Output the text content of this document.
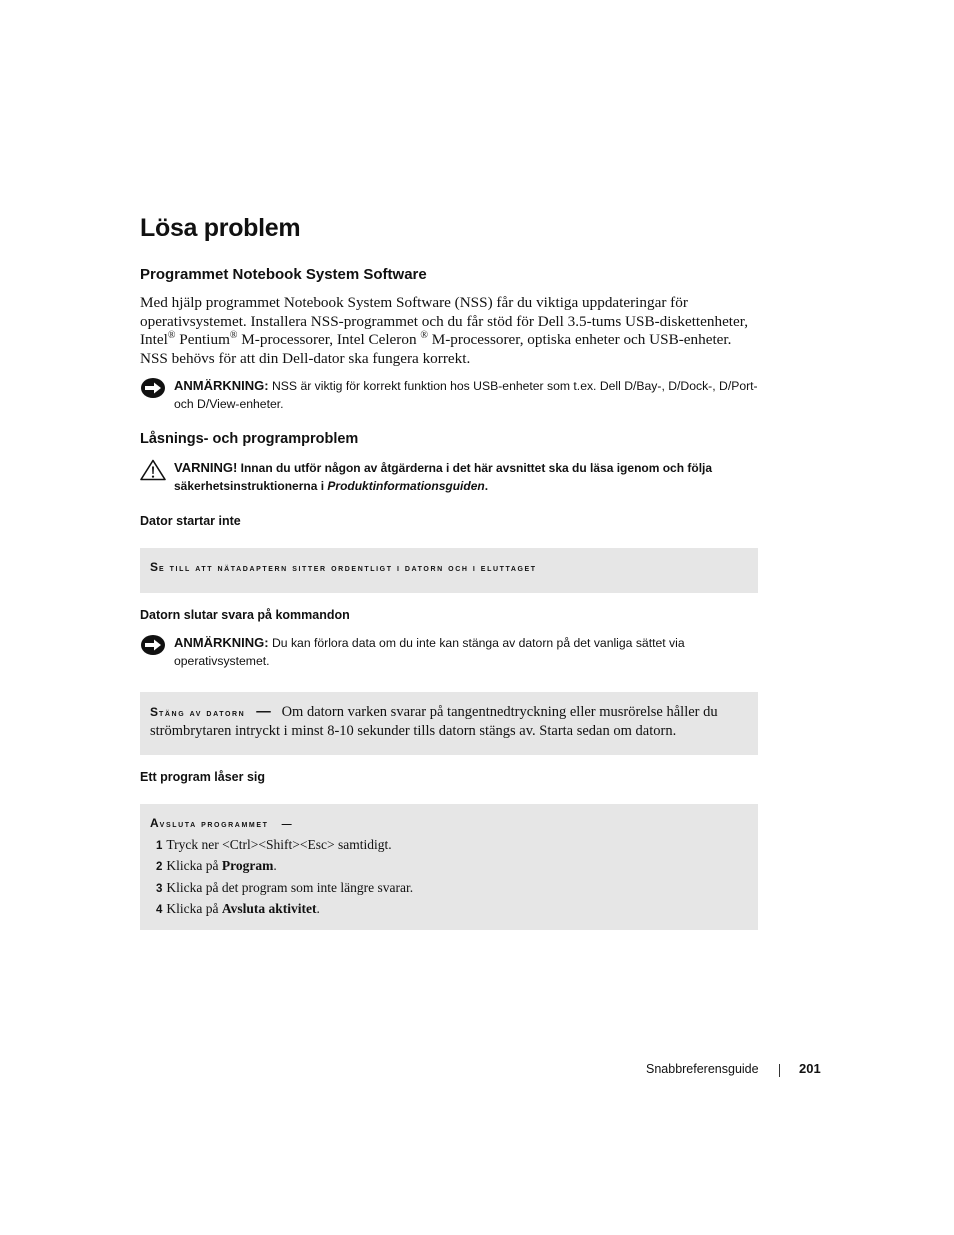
Lösa problem
Programmet Notebook System Software

Med hjälp programmet Notebook System Software (NSS) får du viktiga uppdateringar för operativsystemet. Installera NSS-programmet och du får stöd för Dell 3.5-tums USB-diskettenheter, Intel® Pentium® M-processorer, Intel Celeron ® M-processorer, optiska enheter och USB-enheter. NSS behövs för att din Dell-dator ska fungera korrekt.

ANMÄRKNING: NSS är viktig för korrekt funktion hos USB-enheter som t.ex. Dell D/Bay-, D/Dock-, D/Port- och D/View-enheter.
Låsnings- och programproblem
VARNING! Innan du utför någon av åtgärderna i det här avsnittet ska du läsa igenom och följa säkerhetsinstruktionerna i Produktinformationsguiden.
Dator startar inte
Se till att nätadaptern sitter ordentligt i datorn och i eluttaget
Datorn slutar svara på kommandon
ANMÄRKNING: Du kan förlora data om du inte kan stänga av datorn på det vanliga sättet via operativsystemet.
Stäng av datorn — Om datorn varken svarar på tangentnedtryckning eller musrörelse håller du strömbrytaren intryckt i minst 8-10 sekunder tills datorn stängs av. Starta sedan om datorn.
Ett program låser sig
Avsluta programmet —
1 Tryck ner <Ctrl><Shift><Esc> samtidigt.
2 Klicka på Program.
3 Klicka på det program som inte längre svarar.
4 Klicka på Avsluta aktivitet.
Snabbreferensguide	201
